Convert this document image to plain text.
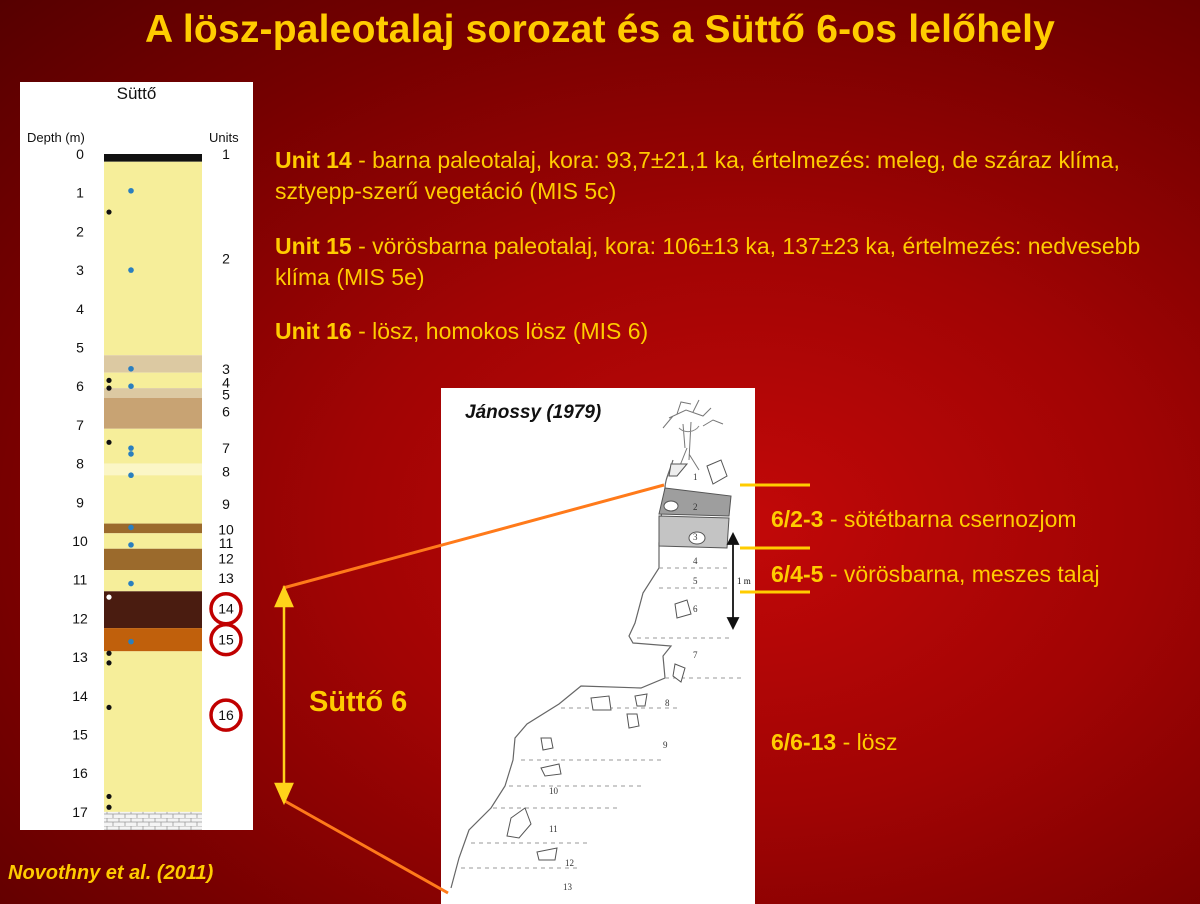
A lösz-paleotalaj sorozat és a Süttő 6-os lelőhely
0
1
2
3
4
5
6
7
8
9
10
11
12
13
14
15
16
17
1
2
3
4
5
6
7
8
9
10
11
12
13
14
15
16
Süttő
Depth (m)	Units
Novothny et al. (2011)
Unit 14 - barna paleotalaj, kora: 93,7±21,1 ka, értelmezés: meleg, de száraz klíma, sztyepp-szerű vegetáció (MIS 5c)
Unit 15 - vörösbarna paleotalaj, kora: 106±13 ka, 137±23 ka, értelmezés: nedvesebb klíma (MIS 5e)
Unit 16 - lösz, homokos lösz (MIS 6)
1
2
3
4
5
6
7
8
9
10
11
12
13
1 m
Jánossy (1979)
Süttő 6
6/2-3 - sötétbarna csernozjom
6/4-5 - vörösbarna, meszes talaj
6/6-13 - lösz
